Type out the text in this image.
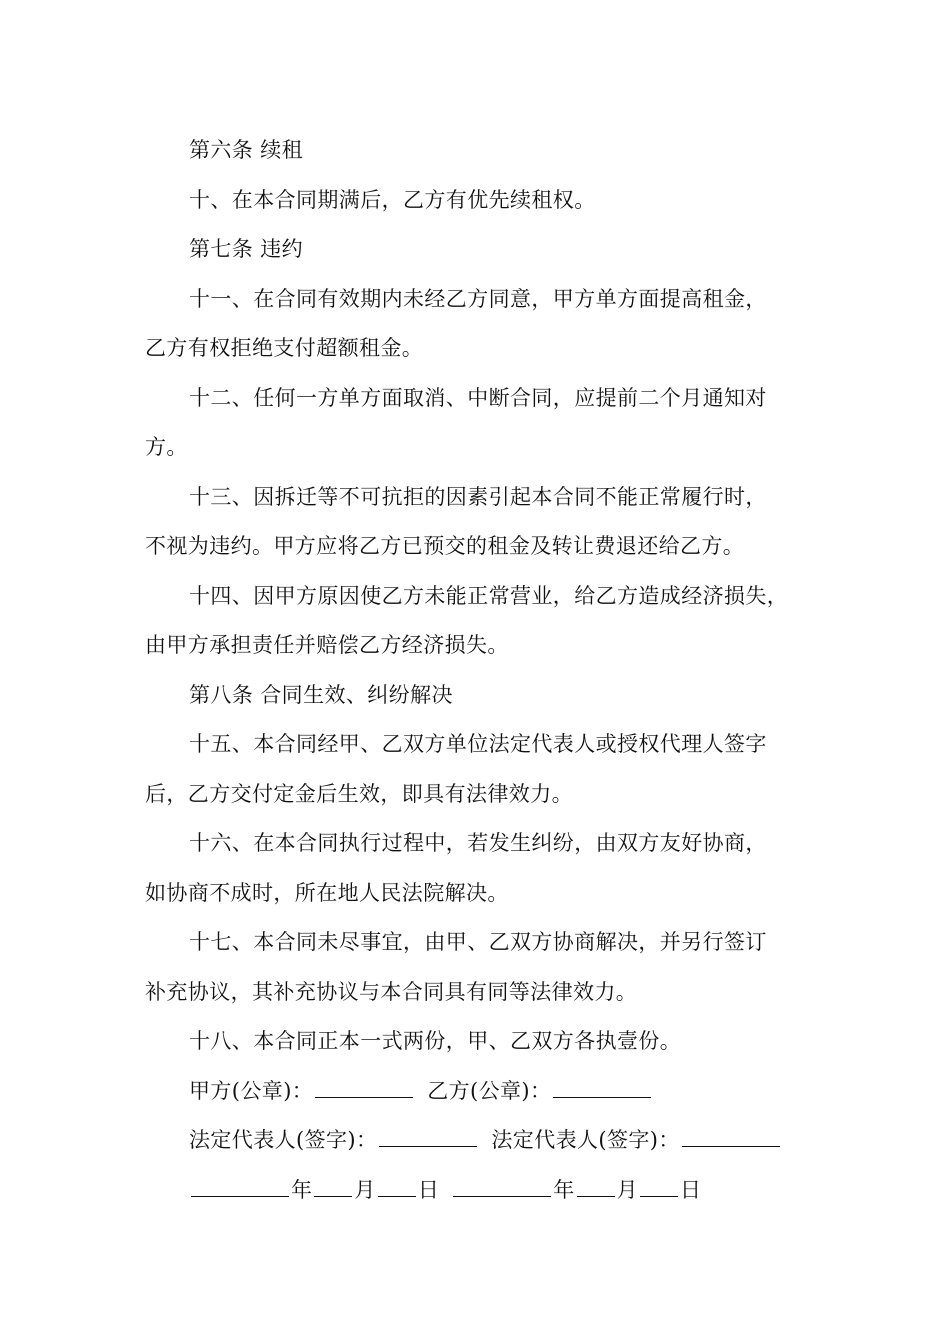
第六条 续租
十、在本合同期满后，乙方有优先续租权。
第七条 违约
十一、在合同有效期内未经乙方同意，甲方单方面提高租金，
乙方有权拒绝支付超额租金。
十二、任何一方单方面取消、中断合同，应提前二个月通知对
方。
十三、因拆迁等不可抗拒的因素引起本合同不能正常履行时，
不视为违约。甲方应将乙方已预交的租金及转让费退还给乙方。
十四、因甲方原因使乙方未能正常营业，给乙方造成经济损失，
由甲方承担责任并赔偿乙方经济损失。
第八条 合同生效、纠纷解决
十五、本合同经甲、乙双方单位法定代表人或授权代理人签字
后，乙方交付定金后生效，即具有法律效力。
十六、在本合同执行过程中，若发生纠纷，由双方友好协商，
如协商不成时，所在地人民法院解决。
十七、本合同未尽事宜，由甲、乙双方协商解决，并另行签订
补充协议，其补充协议与本合同具有同等法律效力。
十八、本合同正本一式两份，甲、乙双方各执壹份。
甲方(公章)：	乙方(公章)：
法定代表人(签字)：	法定代表人(签字)：
年 月 日	年 月 日
